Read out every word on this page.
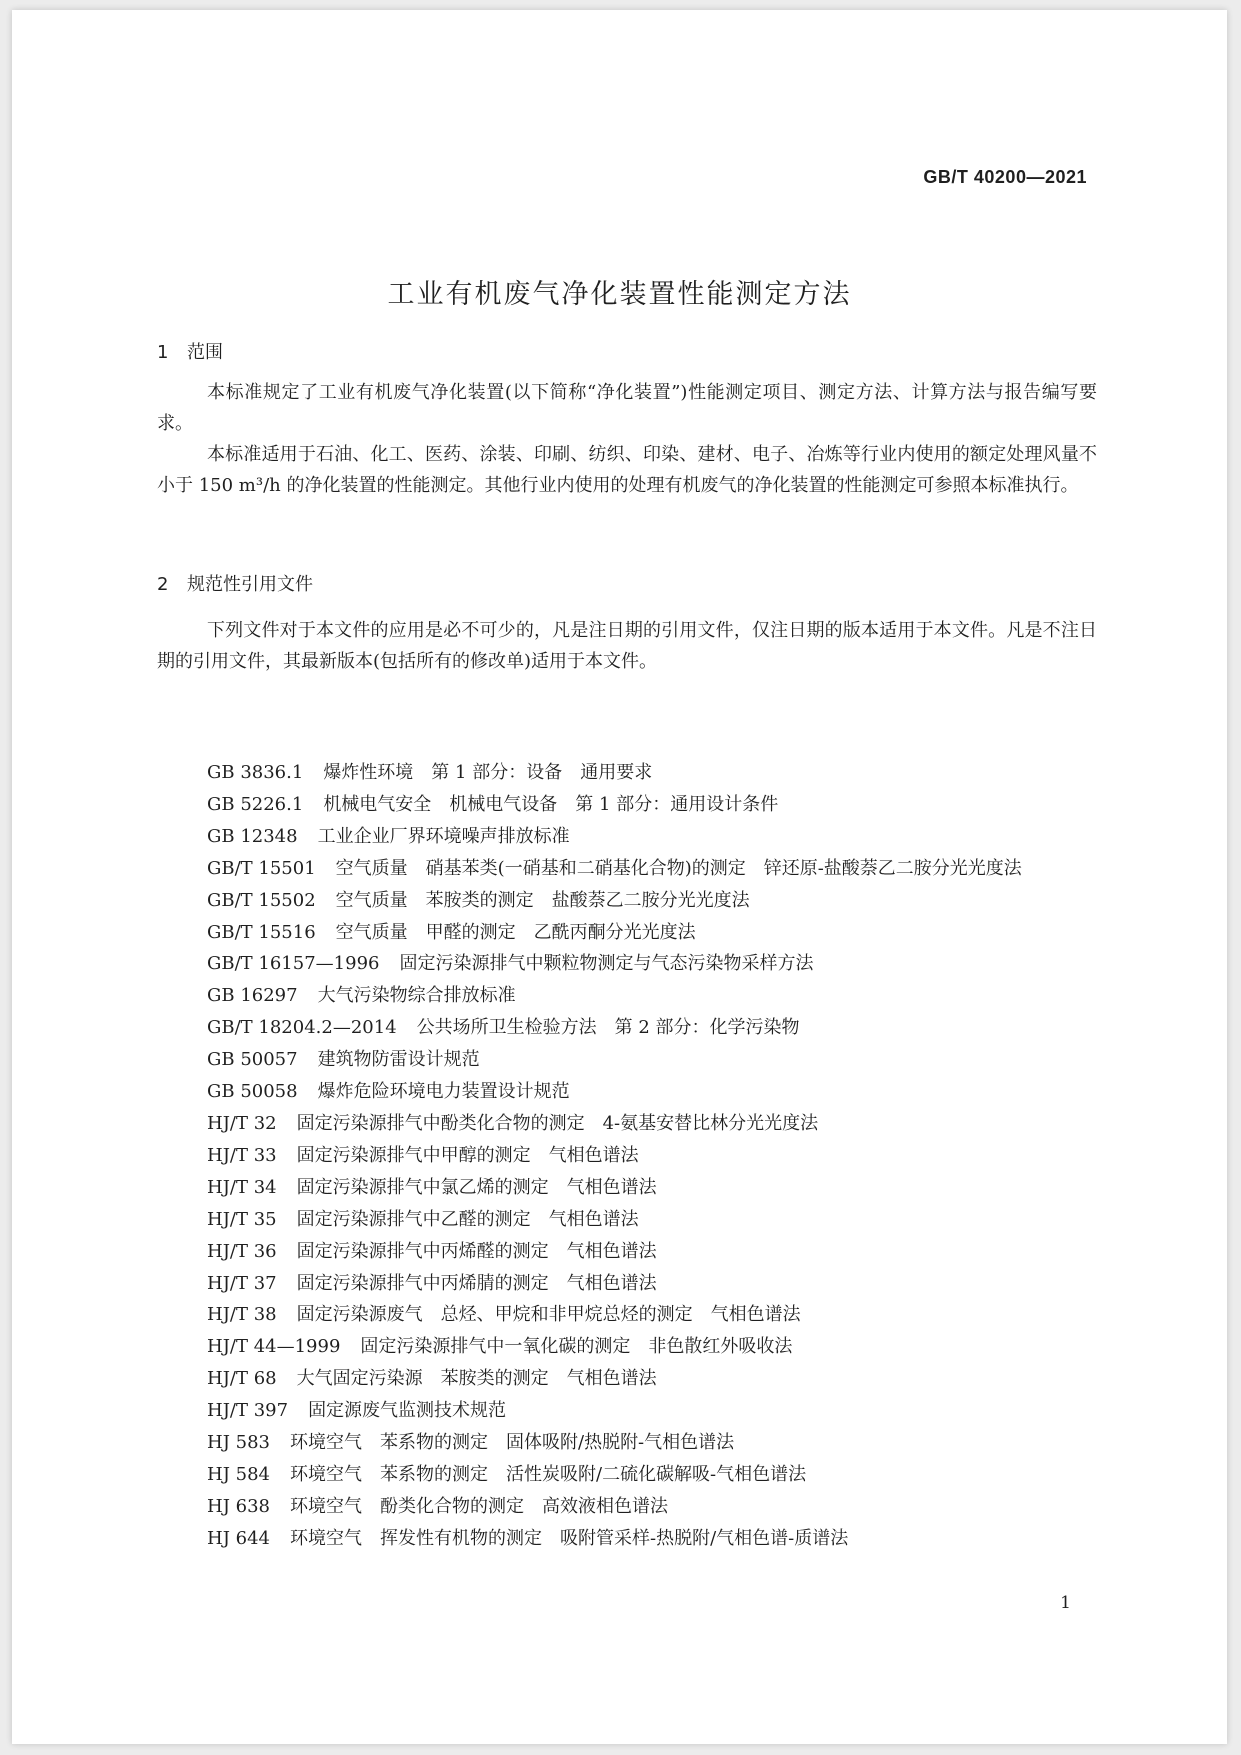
GB/T 40200—2021
工业有机废气净化装置性能测定方法
1 范围

本标准规定了工业有机废气净化装置(以下简称“净化装置”)性能测定项目、测定方法、计算方法与报告编写要求。

本标准适用于石油、化工、医药、涂装、印刷、纺织、印染、建材、电子、冶炼等行业内使用的额定处理风量不小于 150 m³/h 的净化装置的性能测定。其他行业内使用的处理有机废气的净化装置的性能测定可参照本标准执行。

2 规范性引用文件

下列文件对于本文件的应用是必不可少的，凡是注日期的引用文件，仅注日期的版本适用于本文件。凡是不注日期的引用文件，其最新版本(包括所有的修改单)适用于本文件。

GB 3836.1 爆炸性环境　第 1 部分：设备　通用要求
GB 5226.1 机械电气安全　机械电气设备　第 1 部分：通用设计条件
GB 12348 工业企业厂界环境噪声排放标准
GB/T 15501 空气质量　硝基苯类(一硝基和二硝基化合物)的测定　锌还原-盐酸萘乙二胺分光光度法
GB/T 15502 空气质量　苯胺类的测定　盐酸萘乙二胺分光光度法
GB/T 15516 空气质量　甲醛的测定　乙酰丙酮分光光度法
GB/T 16157—1996 固定污染源排气中颗粒物测定与气态污染物采样方法
GB 16297 大气污染物综合排放标准
GB/T 18204.2—2014 公共场所卫生检验方法　第 2 部分：化学污染物
GB 50057 建筑物防雷设计规范
GB 50058 爆炸危险环境电力装置设计规范
HJ/T 32 固定污染源排气中酚类化合物的测定　4-氨基安替比林分光光度法
HJ/T 33 固定污染源排气中甲醇的测定　气相色谱法
HJ/T 34 固定污染源排气中氯乙烯的测定　气相色谱法
HJ/T 35 固定污染源排气中乙醛的测定　气相色谱法
HJ/T 36 固定污染源排气中丙烯醛的测定　气相色谱法
HJ/T 37 固定污染源排气中丙烯腈的测定　气相色谱法
HJ/T 38 固定污染源废气　总烃、甲烷和非甲烷总烃的测定　气相色谱法
HJ/T 44—1999 固定污染源排气中一氧化碳的测定　非色散红外吸收法
HJ/T 68 大气固定污染源　苯胺类的测定　气相色谱法
HJ/T 397 固定源废气监测技术规范
HJ 583 环境空气　苯系物的测定　固体吸附/热脱附-气相色谱法
HJ 584 环境空气　苯系物的测定　活性炭吸附/二硫化碳解吸-气相色谱法
HJ 638 环境空气　酚类化合物的测定　高效液相色谱法
HJ 644 环境空气　挥发性有机物的测定　吸附管采样-热脱附/气相色谱-质谱法
1
